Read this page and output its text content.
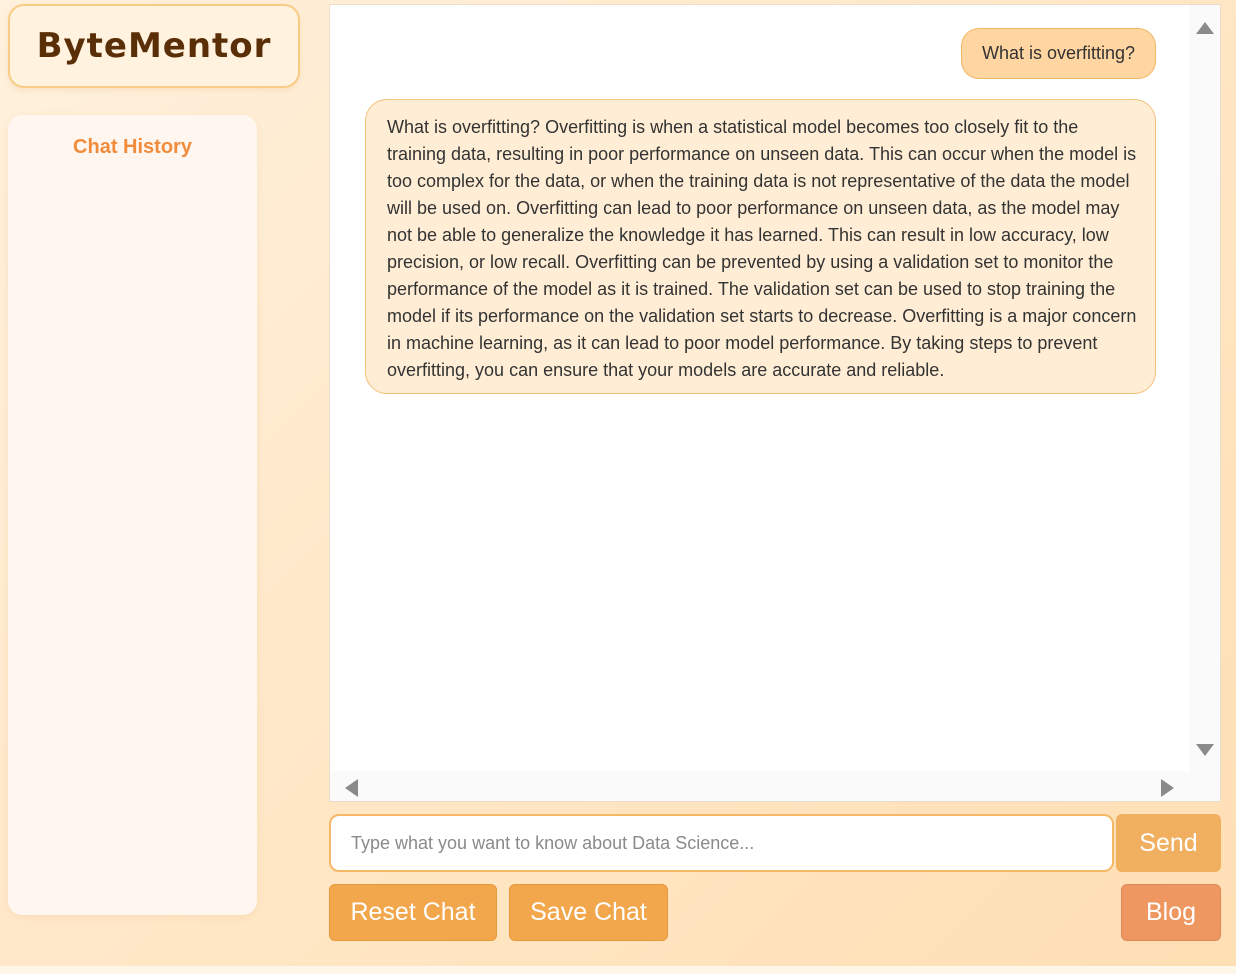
ByteMentor
Chat History
What is overfitting?
What is overfitting? Overfitting is when a statistical model becomes too closely fit to the training data, resulting in poor performance on unseen data. This can occur when the model is too complex for the data, or when the training data is not representative of the data the model will be used on. Overfitting can lead to poor performance on unseen data, as the model may not be able to generalize the knowledge it has learned. This can result in low accuracy, low precision, or low recall. Overfitting can be prevented by using a validation set to monitor the performance of the model as it is trained. The validation set can be used to stop training the model if its performance on the validation set starts to decrease. Overfitting is a major concern in machine learning, as it can lead to poor model performance. By taking steps to prevent overfitting, you can ensure that your models are accurate and reliable.
Type what you want to know about Data Science...
Send
Reset Chat	Save Chat	Blog
